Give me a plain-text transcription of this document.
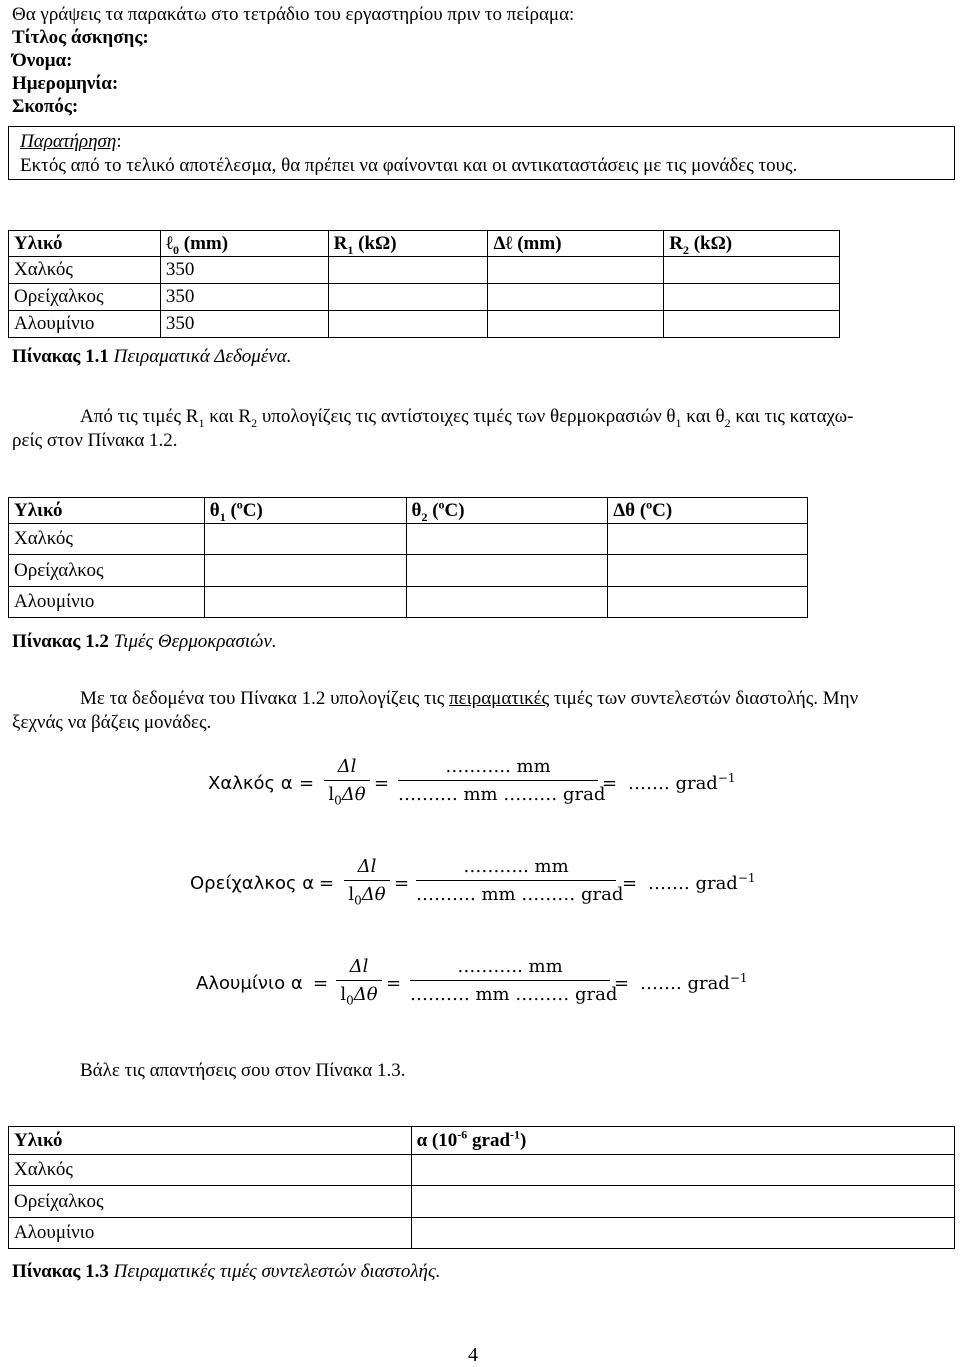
Θα γράψεις τα παρακάτω στο τετράδιο του εργαστηρίου πριν το πείραμα:
Τίτλος άσκησης:
Όνομα:
Ημερομηνία:
Σκοπός:
Παρατήρηση:
Εκτός από το τελικό αποτέλεσμα, θα πρέπει να φαίνονται και οι αντικαταστάσεις με τις μονάδες τους.
Υλικό	ℓ$_0$ (mm)	$R_1$ (kΩ)	Δℓ (mm)	$R_2$ (kΩ)
Χαλκός	350			
Ορείχαλκος	350			
Αλουμίνιο	350			
Πίνακας 1.1 Πειραματικά Δεδομένα.
Από τις τιμές $R_1$ και $R_2$ υπολογίζεις τις αντίστοιχες τιμές των θερμοκρασιών $\theta_1$ και $\theta_2$ και τις καταχω-
ρείς στον Πίνακα 1.2.
Υλικό	$\theta_1$ ($^o$C)	$\theta_2$ ($^o$C)	Δθ ($^o$C)
Χαλκός			
Ορείχαλκος			
Αλουμίνιο			
Πίνακας 1.2 Τιμές Θερμοκρασιών.
Με τα δεδομένα του Πίνακα 1.2 υπολογίζεις τις πειραματικές τιμές των συντελεστών διαστολής. Μην
ξεχνάς να βάζεις μονάδες.
Χαλκός α =
Δl
$l_0\Delta\theta$
=
……….. mm
………. mm ……… grad
= ……. grad$^{-1}$
Ορείχαλκος α =
Δl
$l_0\Delta\theta$
=
……….. mm
………. mm ……… grad
= ……. grad$^{-1}$
Αλουμίνιο α =
Δl
$l_0\Delta\theta$
=
……….. mm
………. mm ……… grad
= ……. grad$^{-1}$
Βάλε τις απαντήσεις σου στον Πίνακα 1.3.
Υλικό	α ($10^{-6}$ grad$^{-1}$)
Χαλκός	
Ορείχαλκος	
Αλουμίνιο	
Πίνακας 1.3 Πειραματικές τιμές συντελεστών διαστολής.
4
